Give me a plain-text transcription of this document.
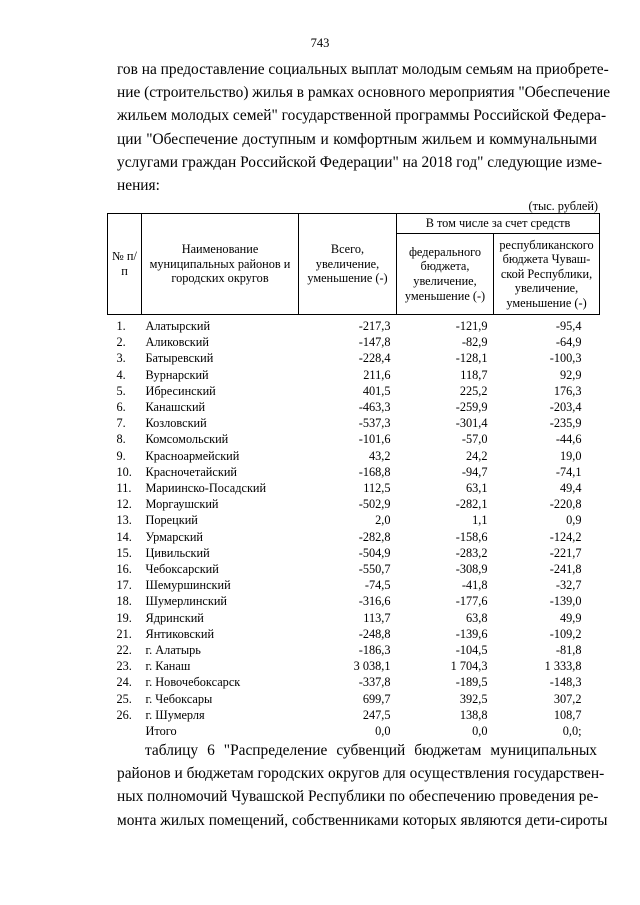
743
гов на предоставление социальных выплат молодым семьям на приобрете-
ние (строительство) жилья в рамках основного мероприятия "Обеспечение
жильем молодых семей" государственной программы Российской Федера-
ции "Обеспечение доступным и комфортным жильем и коммунальными
услугами граждан Российской Федерации" на 2018 год" следующие изме-
нения:
(тыс. рублей)
№ п/п	Наименование муниципальных районов и городских округов	Всего, увеличение, уменьшение (-)	В том числе за счет средств	
			федерального бюджета, увеличение, уменьшение (-)	республиканского бюджета Чуваш-ской Республики, увеличение, уменьшение (-)
1.	Алатырский	-217,3	-121,9	-95,4
2.	Аликовский	-147,8	-82,9	-64,9
3.	Батыревский	-228,4	-128,1	-100,3
4.	Вурнарский	211,6	118,7	92,9
5.	Ибресинский	401,5	225,2	176,3
6.	Канашский	-463,3	-259,9	-203,4
7.	Козловский	-537,3	-301,4	-235,9
8.	Комсомольский	-101,6	-57,0	-44,6
9.	Красноармейский	43,2	24,2	19,0
10.	Красночетайский	-168,8	-94,7	-74,1
11.	Мариинско-Посадский	112,5	63,1	49,4
12.	Моргаушский	-502,9	-282,1	-220,8
13.	Порецкий	2,0	1,1	0,9
14.	Урмарский	-282,8	-158,6	-124,2
15.	Цивильский	-504,9	-283,2	-221,7
16.	Чебоксарский	-550,7	-308,9	-241,8
17.	Шемуршинский	-74,5	-41,8	-32,7
18.	Шумерлинский	-316,6	-177,6	-139,0
19.	Ядринский	113,7	63,8	49,9
21.	Янтиковский	-248,8	-139,6	-109,2
22.	г. Алатырь	-186,3	-104,5	-81,8
23.	г. Канаш	3 038,1	1 704,3	1 333,8
24.	г. Новочебоксарск	-337,8	-189,5	-148,3
25.	г. Чебоксары	699,7	392,5	307,2
26.	г. Шумерля	247,5	138,8	108,7
	Итого	0,0	0,0	0,0;
таблицу 6 "Распределение субвенций бюджетам муниципальных
районов и бюджетам городских округов для осуществления государствен-
ных полномочий Чувашской Республики по обеспечению проведения ре-
монта жилых помещений, собственниками которых являются дети-сироты
